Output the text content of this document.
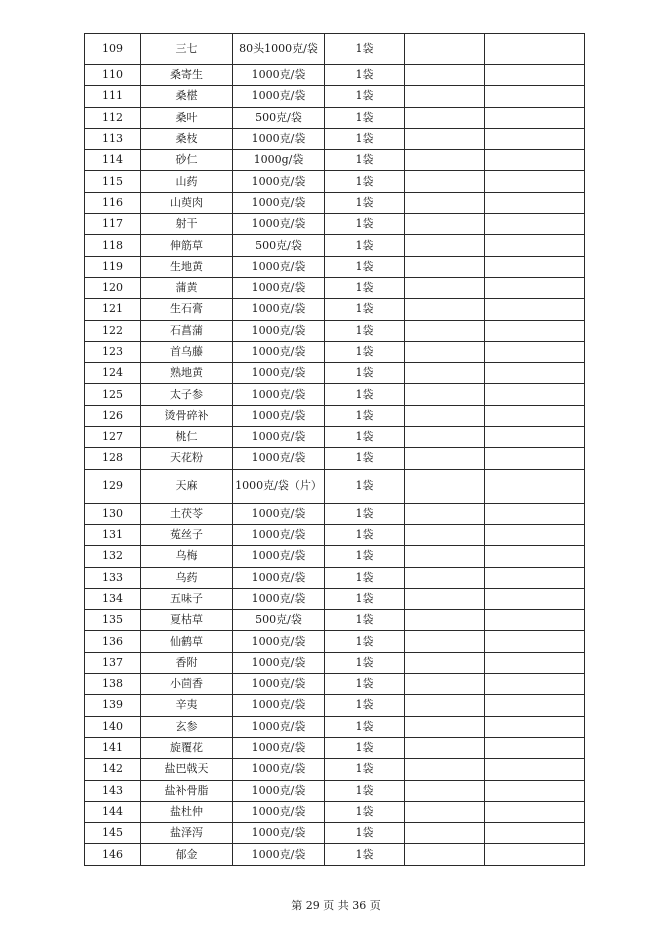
109	三七	80头1000克/袋	1袋		
110	桑寄生	1000克/袋	1袋		
111	桑椹	1000克/袋	1袋		
112	桑叶	500克/袋	1袋		
113	桑枝	1000克/袋	1袋		
114	砂仁	1000g/袋	1袋		
115	山药	1000克/袋	1袋		
116	山萸肉	1000克/袋	1袋		
117	射干	1000克/袋	1袋		
118	伸筋草	500克/袋	1袋		
119	生地黄	1000克/袋	1袋		
120	蒲黄	1000克/袋	1袋		
121	生石膏	1000克/袋	1袋		
122	石菖蒲	1000克/袋	1袋		
123	首乌藤	1000克/袋	1袋		
124	熟地黄	1000克/袋	1袋		
125	太子参	1000克/袋	1袋		
126	烫骨碎补	1000克/袋	1袋		
127	桃仁	1000克/袋	1袋		
128	天花粉	1000克/袋	1袋		
129	天麻	1000克/袋（片）	1袋		
130	土茯苓	1000克/袋	1袋		
131	菟丝子	1000克/袋	1袋		
132	乌梅	1000克/袋	1袋		
133	乌药	1000克/袋	1袋		
134	五味子	1000克/袋	1袋		
135	夏枯草	500克/袋	1袋		
136	仙鹤草	1000克/袋	1袋		
137	香附	1000克/袋	1袋		
138	小茴香	1000克/袋	1袋		
139	辛夷	1000克/袋	1袋		
140	玄参	1000克/袋	1袋		
141	旋覆花	1000克/袋	1袋		
142	盐巴戟天	1000克/袋	1袋		
143	盐补骨脂	1000克/袋	1袋		
144	盐杜仲	1000克/袋	1袋		
145	盐泽泻	1000克/袋	1袋		
146	郁金	1000克/袋	1袋		
第 29 页 共 36 页
